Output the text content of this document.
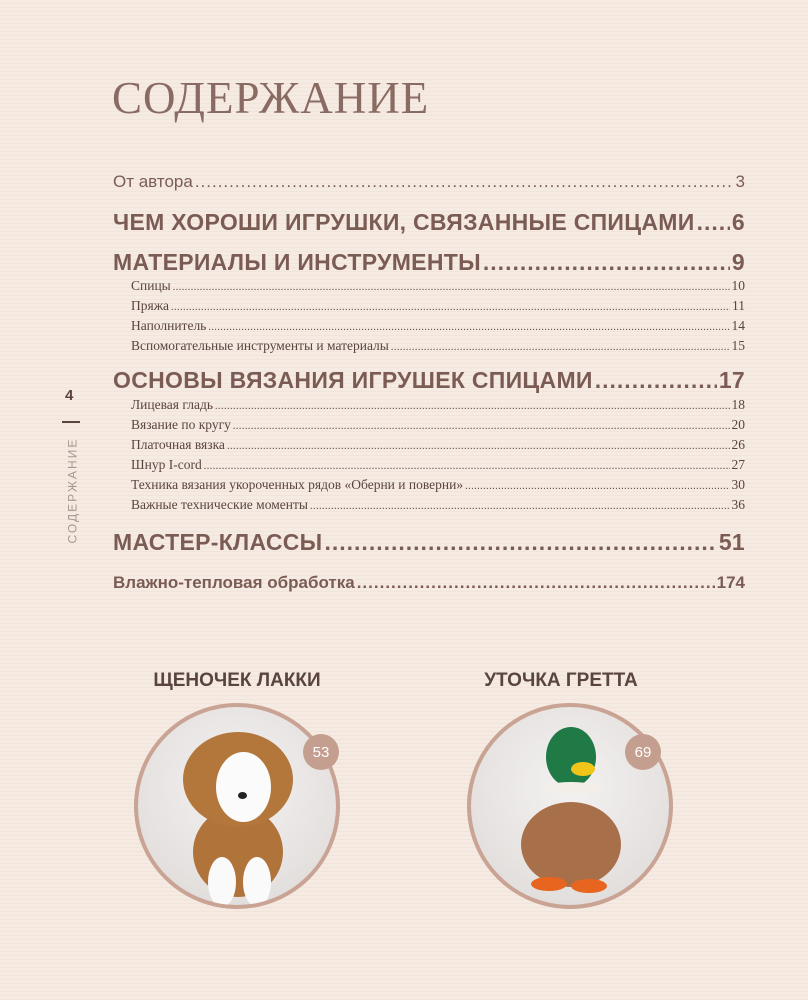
СОДЕРЖАНИЕ
4
СОДЕРЖАНИЕ
От автора .....	3
ЧЕМ ХОРОШИ ИГРУШКИ, СВЯЗАННЫЕ СПИЦАМИ ..... 6
МАТЕРИАЛЫ И ИНСТРУМЕНТЫ .....	9
Спицы .....	10
Пряжа .....	11
Наполнитель .....	14
Вспомогательные инструменты и материалы .....	15
ОСНОВЫ ВЯЗАНИЯ ИГРУШЕК СПИЦАМИ .....	17
Лицевая гладь .....	18
Вязание по кругу .....	20
Платочная вязка .....	26
Шнур I-cord .....	27
Техника вязания укороченных рядов «Оберни и поверни» .....	30
Важные технические моменты .....	36
МАСТЕР-КЛАССЫ .....	51
Влажно-тепловая обработка .....	174
ЩЕНОЧЕК ЛАККИ
53
УТОЧКА ГРЕТТА
69
